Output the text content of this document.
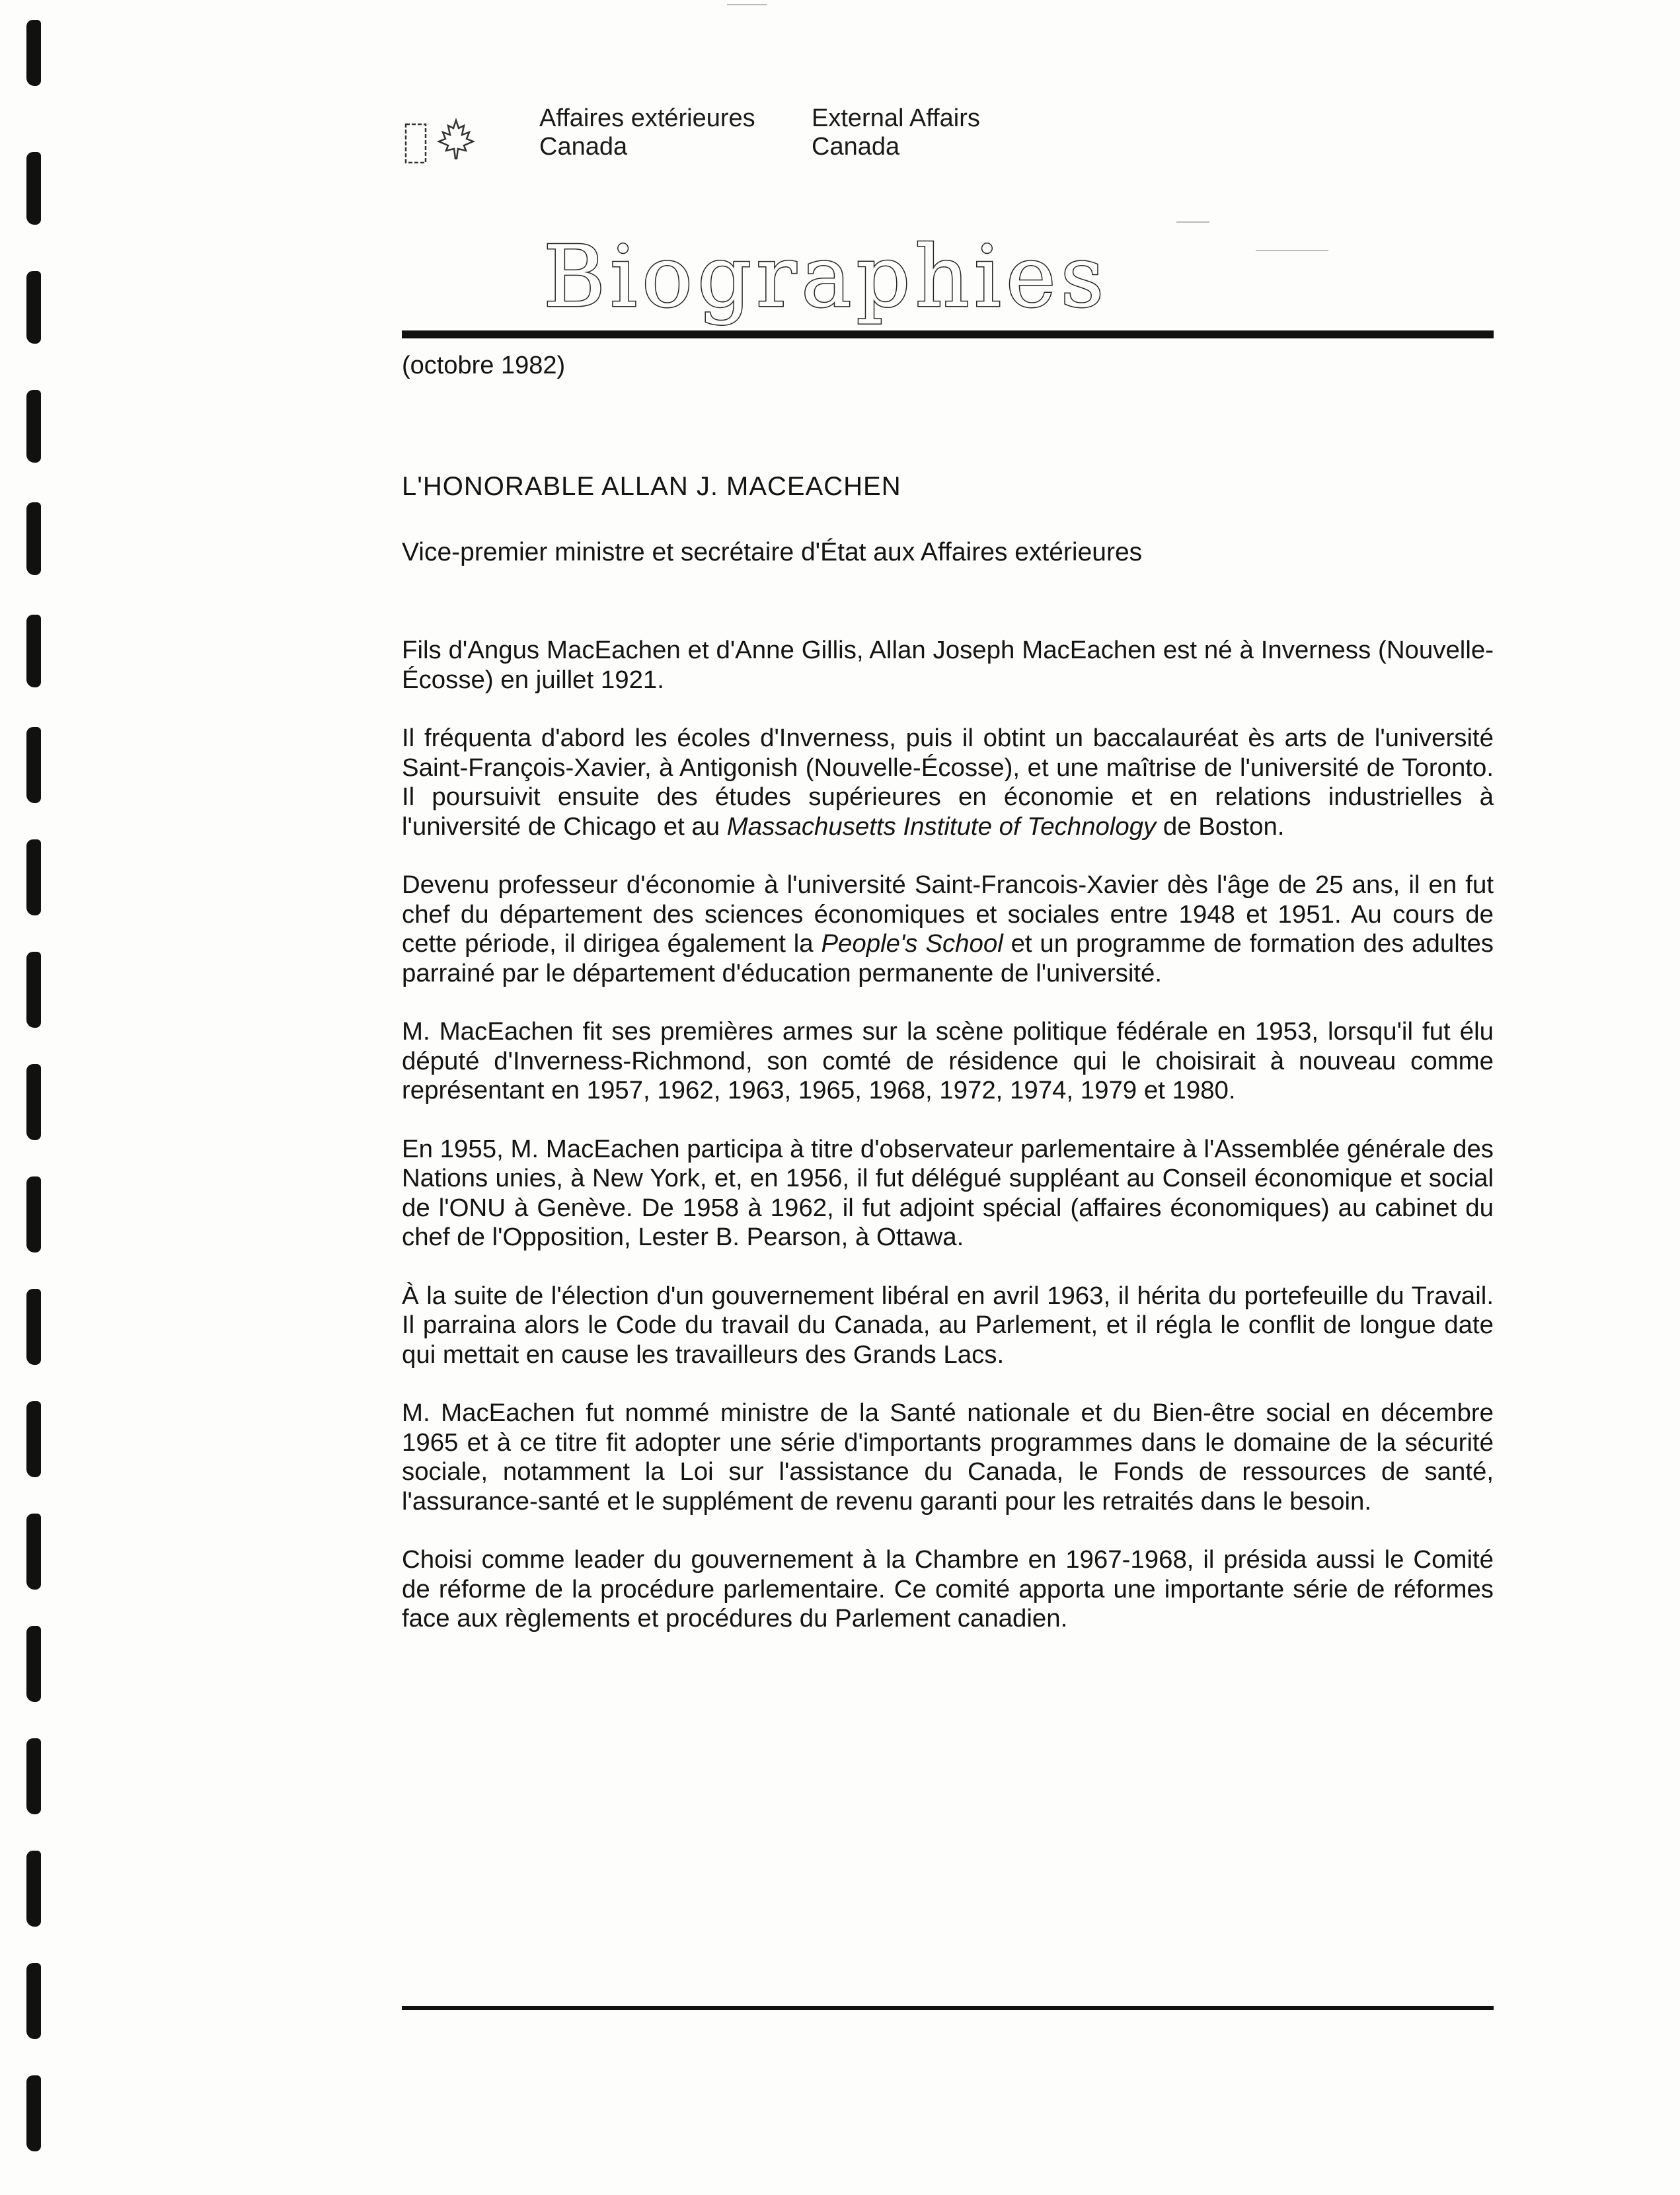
Affaires extérieures
Canada
External Affairs
Canada
Biographies
(octobre 1982)
L'HONORABLE ALLAN J. MACEACHEN
Vice-premier ministre et secrétaire d'État aux Affaires extérieures

Fils d'Angus MacEachen et d'Anne Gillis, Allan Joseph MacEachen est né à Inverness (Nouvelle-Écosse) en juillet 1921.

Il fréquenta d'abord les écoles d'Inverness, puis il obtint un baccalauréat ès arts de l'université Saint-François-Xavier, à Antigonish (Nouvelle-Écosse), et une maîtrise de l'université de Toronto. Il poursuivit ensuite des études supérieures en économie et en relations industrielles à l'université de Chicago et au Massachusetts Institute of Technology de Boston.

Devenu professeur d'économie à l'université Saint-Francois-Xavier dès l'âge de 25 ans, il en fut chef du département des sciences économiques et sociales entre 1948 et 1951. Au cours de cette période, il dirigea également la People's School et un programme de formation des adultes parrainé par le département d'éducation permanente de l'université.

M. MacEachen fit ses premières armes sur la scène politique fédérale en 1953, lorsqu'il fut élu député d'Inverness-Richmond, son comté de résidence qui le choisirait à nouveau comme représentant en 1957, 1962, 1963, 1965, 1968, 1972, 1974, 1979 et 1980.

En 1955, M. MacEachen participa à titre d'observateur parlementaire à l'Assemblée générale des Nations unies, à New York, et, en 1956, il fut délégué suppléant au Conseil économique et social de l'ONU à Genève. De 1958 à 1962, il fut adjoint spécial (affaires économiques) au cabinet du chef de l'Opposition, Lester B. Pearson, à Ottawa.

À la suite de l'élection d'un gouvernement libéral en avril 1963, il hérita du portefeuille du Travail. Il parraina alors le Code du travail du Canada, au Parlement, et il régla le conflit de longue date qui mettait en cause les travailleurs des Grands Lacs.

M. MacEachen fut nommé ministre de la Santé nationale et du Bien-être social en décembre 1965 et à ce titre fit adopter une série d'importants programmes dans le domaine de la sécurité sociale, notamment la Loi sur l'assistance du Canada, le Fonds de ressources de santé, l'assurance-santé et le supplément de revenu garanti pour les retraités dans le besoin.

Choisi comme leader du gouvernement à la Chambre en 1967-1968, il présida aussi le Comité de réforme de la procédure parlementaire. Ce comité apporta une importante série de réformes face aux règlements et procédures du Parlement canadien.
